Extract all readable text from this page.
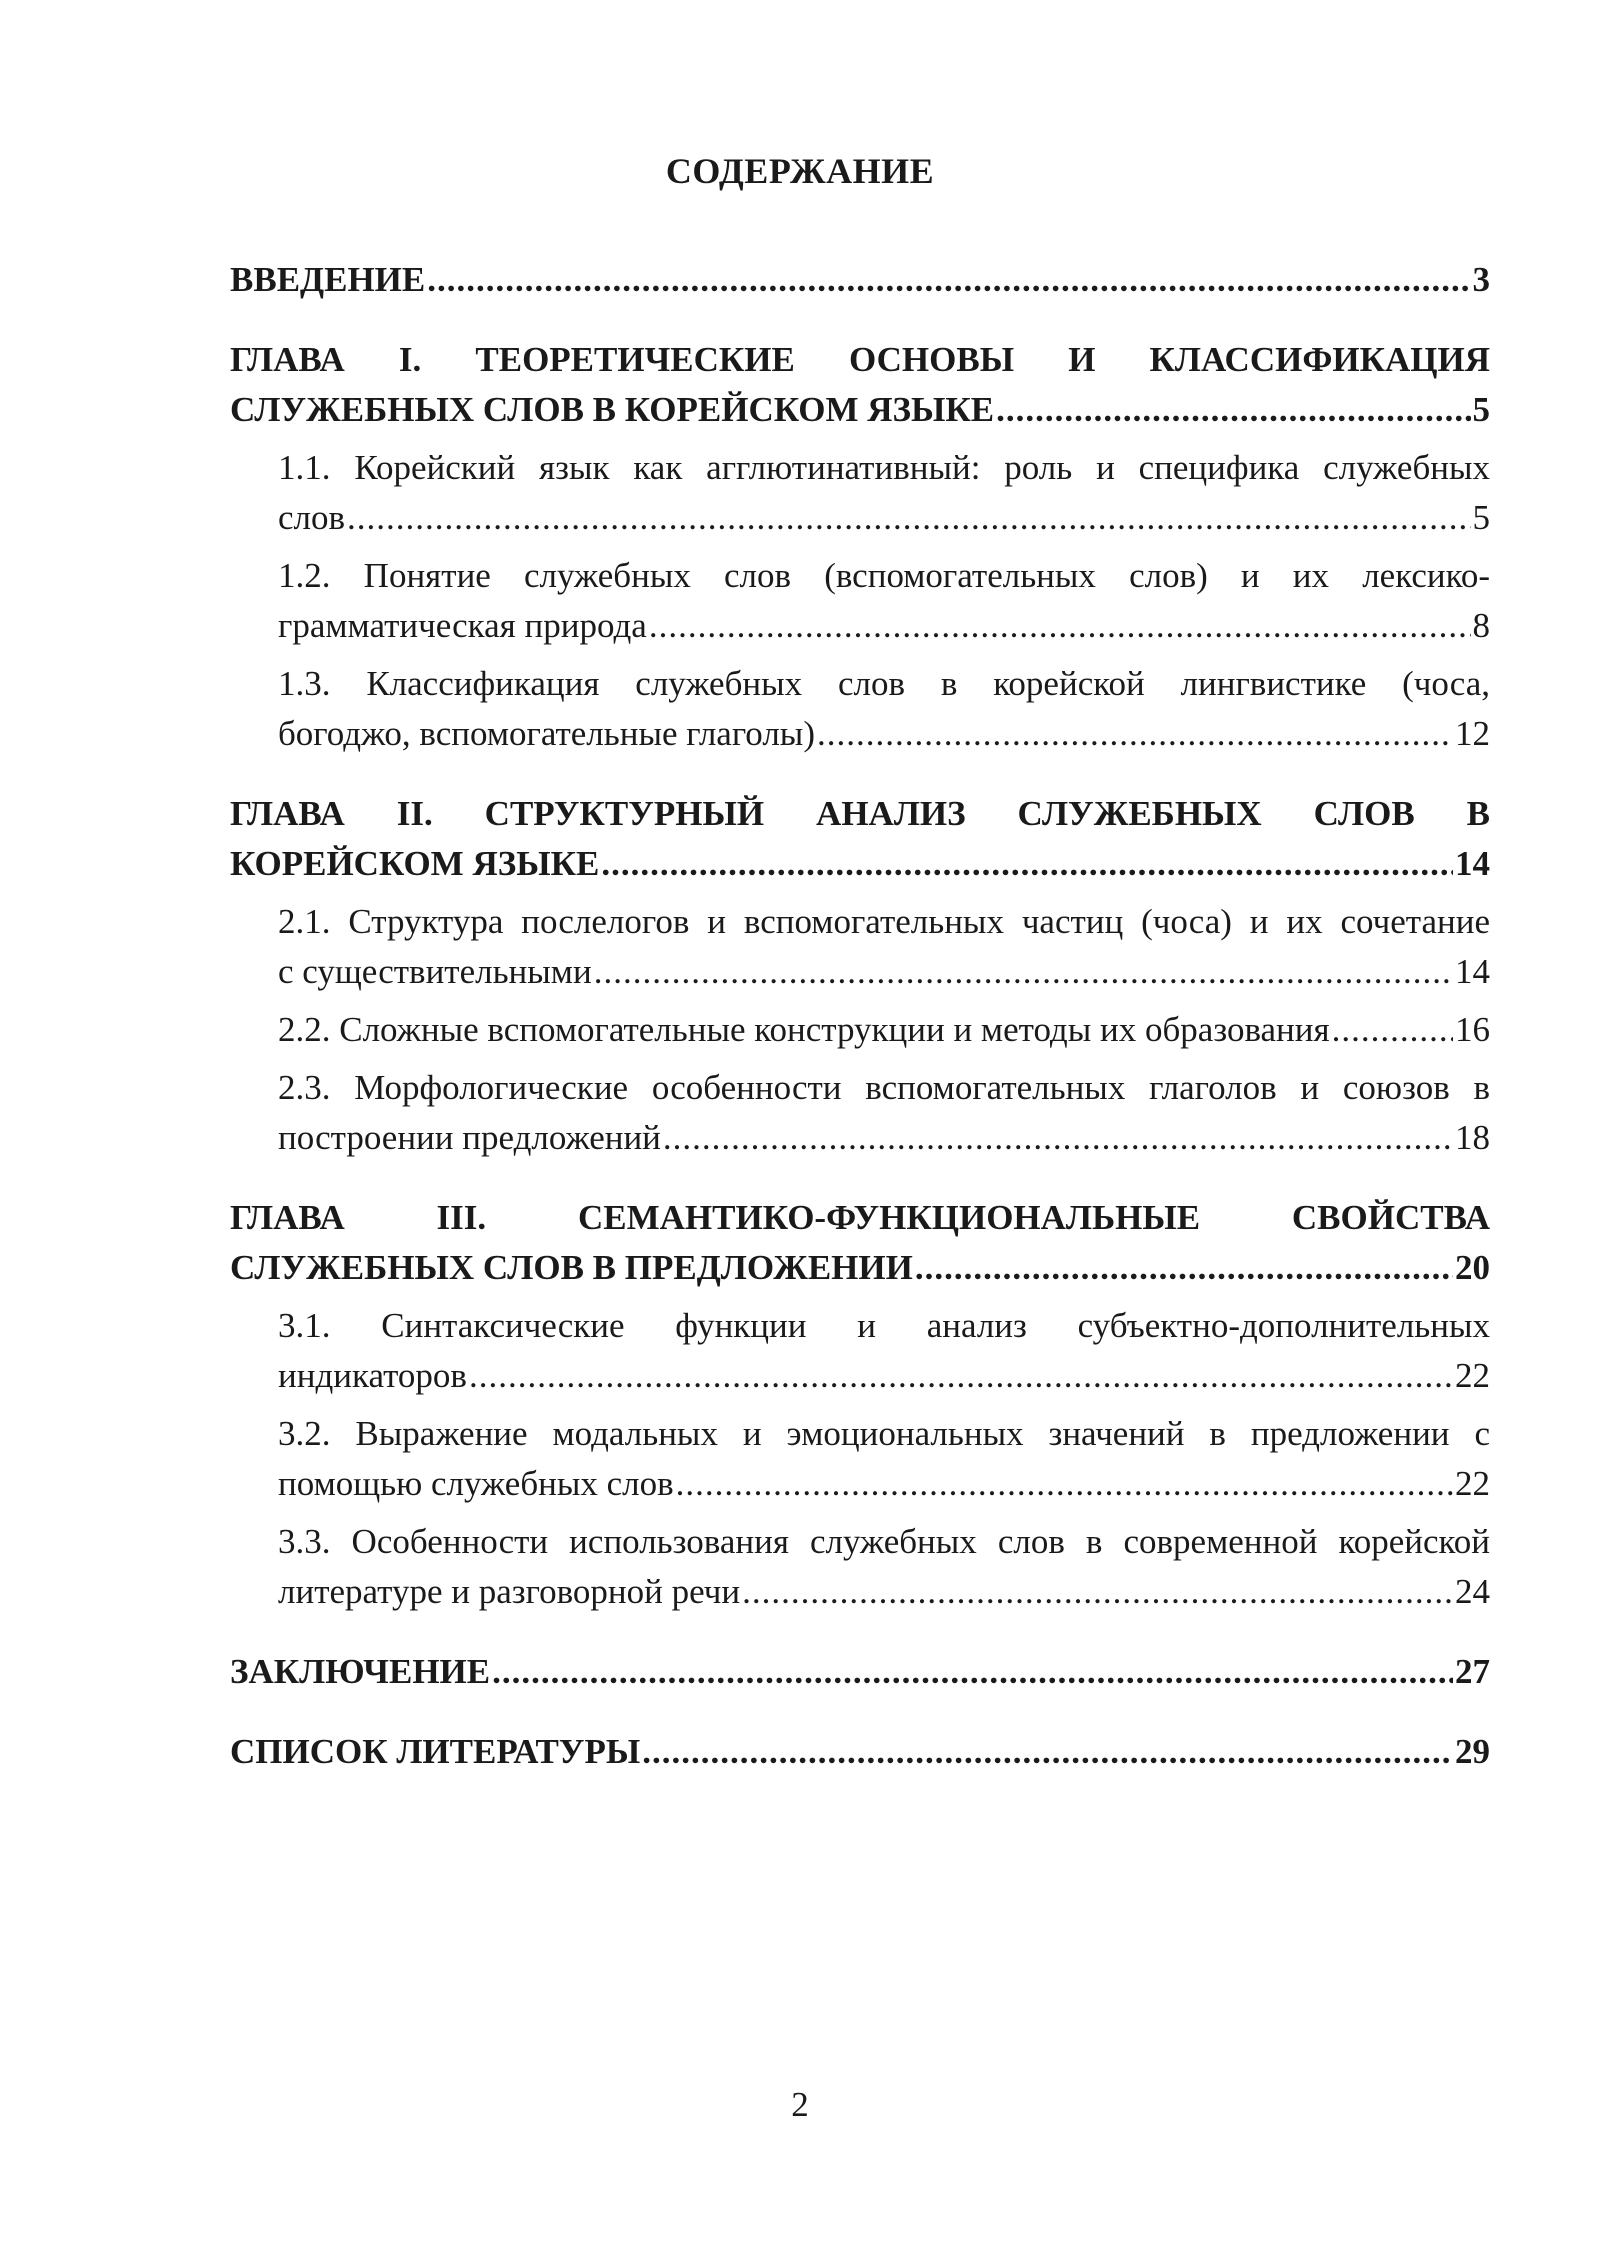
СОДЕРЖАНИЕ
ВВЕДЕНИЕ .....	3
ГЛАВА I. ТЕОРЕТИЧЕСКИЕ ОСНОВЫ И КЛАССИФИКАЦИЯ
СЛУЖЕБНЫХ СЛОВ В КОРЕЙСКОМ ЯЗЫКЕ .....	5
1.1. Корейский язык как агглютинативный: роль и специфика служебных
слов .....	5
1.2. Понятие служебных слов (вспомогательных слов) и их лексико-
грамматическая природа .....	8
1.3. Классификация служебных слов в корейской лингвистике (чоса,
богоджо, вспомогательные глаголы) .....	12
ГЛАВА II. СТРУКТУРНЫЙ АНАЛИЗ СЛУЖЕБНЫХ СЛОВ В
КОРЕЙСКОМ ЯЗЫКЕ .....	14
2.1. Структура послелогов и вспомогательных частиц (чоса) и их сочетание
с существительными .....	14
2.2. Сложные вспомогательные конструкции и методы их образования .....	16
2.3. Морфологические особенности вспомогательных глаголов и союзов в
построении предложений .....	18
ГЛАВА III. СЕМАНТИКО-ФУНКЦИОНАЛЬНЫЕ СВОЙСТВА
СЛУЖЕБНЫХ СЛОВ В ПРЕДЛОЖЕНИИ .....	20
3.1. Синтаксические функции и анализ субъектно-дополнительных
индикаторов .....	22
3.2. Выражение модальных и эмоциональных значений в предложении с
помощью служебных слов .....	22
3.3. Особенности использования служебных слов в современной корейской
литературе и разговорной речи .....	24
ЗАКЛЮЧЕНИЕ .....	27
СПИСОК ЛИТЕРАТУРЫ .....	29
2
